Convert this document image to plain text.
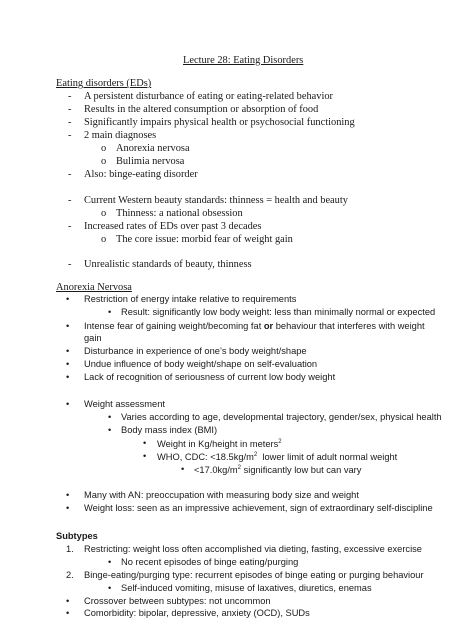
Lecture 28: Eating Disorders
Eating disorders (EDs)
- A persistent disturbance of eating or eating-related behavior
- Results in the altered consumption or absorption of food
- Significantly impairs physical health or psychosocial functioning
- 2 main diagnoses
o Anorexia nervosa
o Bulimia nervosa
- Also: binge-eating disorder
- Current Western beauty standards: thinness = health and beauty
o Thinness: a national obsession
- Increased rates of EDs over past 3 decades
o The core issue: morbid fear of weight gain
- Unrealistic standards of beauty, thinness
Anorexia Nervosa
• Restriction of energy intake relative to requirements
• Result: significantly low body weight: less than minimally normal or expected
• Intense fear of gaining weight/becoming fat or behaviour that interferes with weight
gain
• Disturbance in experience of one’s body weight/shape
• Undue influence of body weight/shape on self-evaluation
• Lack of recognition of seriousness of current low body weight
• Weight assessment
• Varies according to age, developmental trajectory, gender/sex, physical health
• Body mass index (BMI)
• Weight in Kg/height in meters$^2$
• WHO, CDC: $<18.5kg/m^2$  lower limit of adult normal weight
• $<17.0kg/m^2$ significantly low but can vary
• Many with AN: preoccupation with measuring body size and weight
• Weight loss: seen as an impressive achievement, sign of extraordinary self-discipline
Subtypes
1. Restricting: weight loss often accomplished via dieting, fasting, excessive exercise
• No recent episodes of binge eating/purging
2. Binge-eating/purging type: recurrent episodes of binge eating or purging behaviour
• Self-induced vomiting, misuse of laxatives, diuretics, enemas
• Crossover between subtypes: not uncommon
• Comorbidity: bipolar, depressive, anxiety (OCD), SUDs
